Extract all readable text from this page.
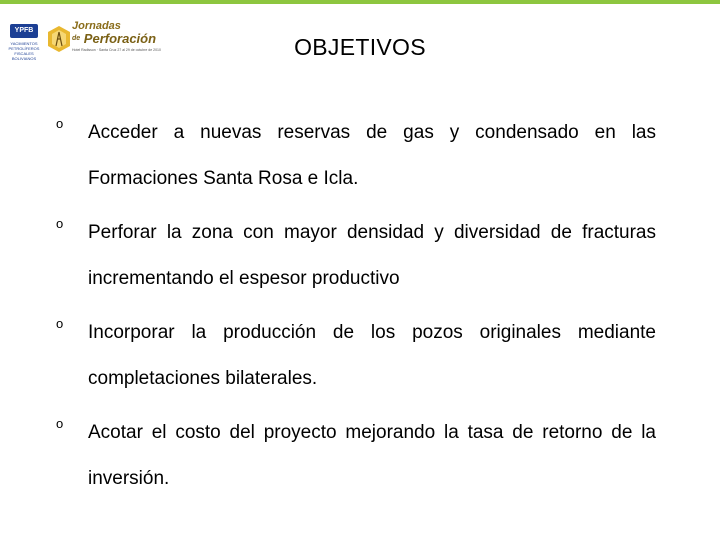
YPFB
YACIMIENTOS PETROLÍFEROS FISCALES BOLIVIANOS
Jornadas
$^{de}$ Perforación
Hotel Radisson · Santa Cruz 27 al 29 de octubre de 2010	OBJETIVOS
o Acceder a nuevas reservas de gas y condensado en las Formaciones Santa Rosa e Icla.
o Perforar la zona con mayor densidad y diversidad de fracturas incrementando el espesor productivo
o Incorporar la producción de los pozos originales mediante completaciones bilaterales.
o Acotar el costo del proyecto mejorando la tasa de retorno de la inversión.
